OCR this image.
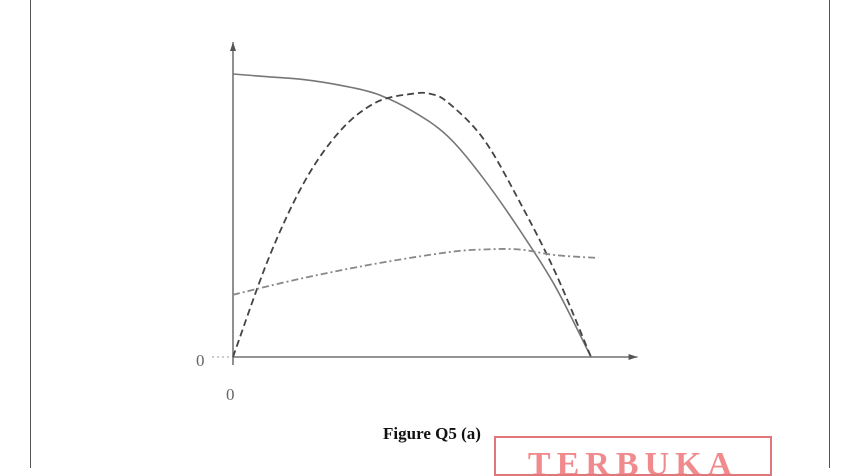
0
0
Figure Q5 (a)
TERBUKA
